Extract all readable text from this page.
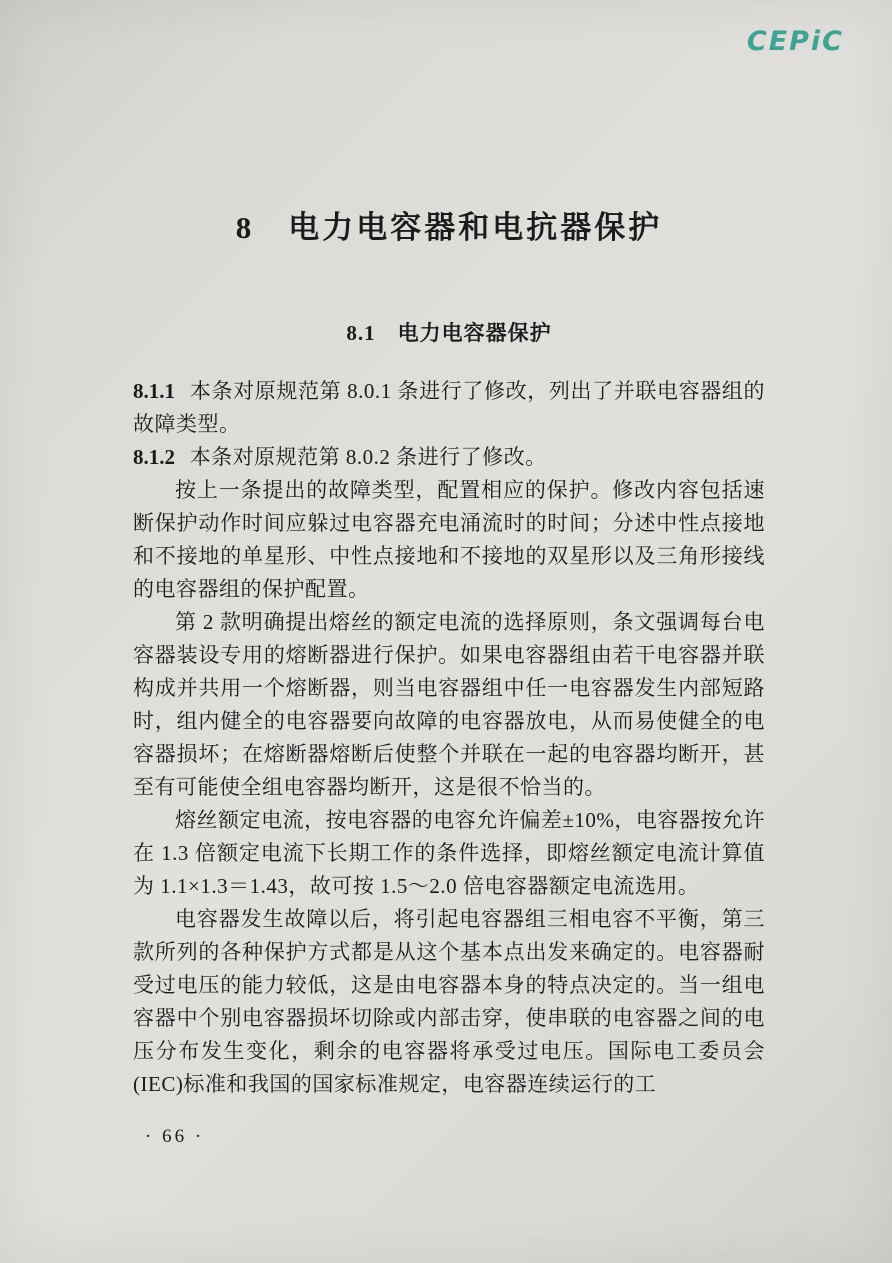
CEPiC
8　电力电容器和电抗器保护
8.1　电力电容器保护

8.1.1 本条对原规范第 8.0.1 条进行了修改，列出了并联电容器组的故障类型。

8.1.2 本条对原规范第 8.0.2 条进行了修改。

按上一条提出的故障类型，配置相应的保护。修改内容包括速断保护动作时间应躲过电容器充电涌流时的时间；分述中性点接地和不接地的单星形、中性点接地和不接地的双星形以及三角形接线的电容器组的保护配置。

第 2 款明确提出熔丝的额定电流的选择原则，条文强调每台电容器装设专用的熔断器进行保护。如果电容器组由若干电容器并联构成并共用一个熔断器，则当电容器组中任一电容器发生内部短路时，组内健全的电容器要向故障的电容器放电，从而易使健全的电容器损坏；在熔断器熔断后使整个并联在一起的电容器均断开，甚至有可能使全组电容器均断开，这是很不恰当的。

熔丝额定电流，按电容器的电容允许偏差±10%，电容器按允许在 1.3 倍额定电流下长期工作的条件选择，即熔丝额定电流计算值为 1.1×1.3＝1.43，故可按 1.5～2.0 倍电容器额定电流选用。

电容器发生故障以后，将引起电容器组三相电容不平衡，第三款所列的各种保护方式都是从这个基本点出发来确定的。电容器耐受过电压的能力较低，这是由电容器本身的特点决定的。当一组电容器中个别电容器损坏切除或内部击穿，使串联的电容器之间的电压分布发生变化，剩余的电容器将承受过电压。国际电工委员会(IEC)标准和我国的国家标准规定，电容器连续运行的工

· 66 ·
